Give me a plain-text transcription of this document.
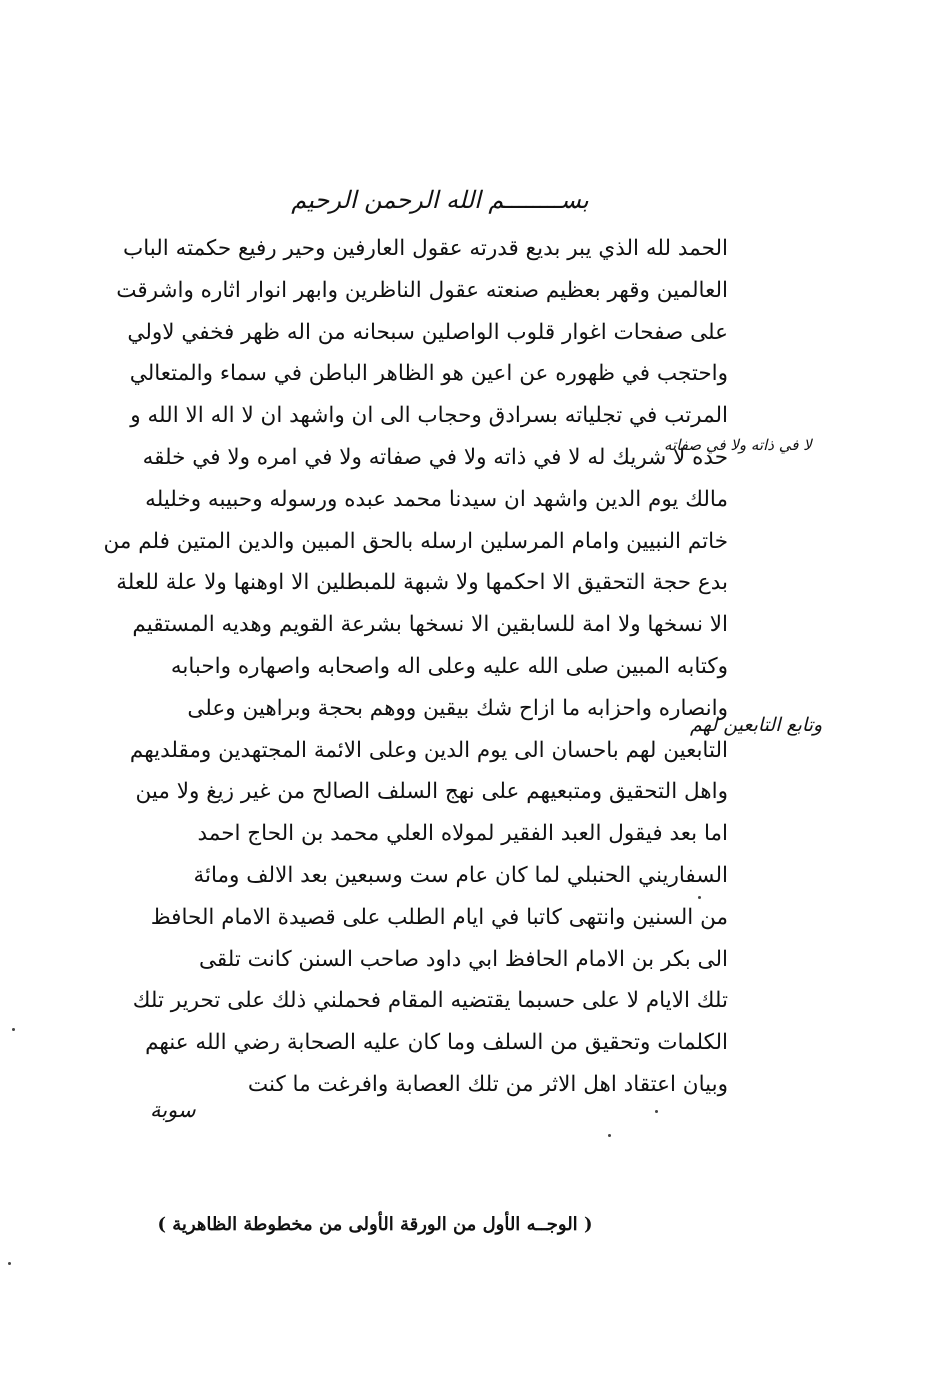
بســــــــم الله الرحمن الرحيم
الحمد لله الذي يبر بديع قدرته عقول العارفين وحير رفيع حكمته الباب
العالمين وقهر بعظيم صنعته عقول الناظرين وابهر انوار اثاره واشرقت
على صفحات اغوار قلوب الواصلين سبحانه من اله ظهر فخفي لاولي
واحتجب في ظهوره عن اعين هو الظاهر الباطن في سماء والمتعالي
المرتب في تجلياته بسرادق وحجاب الى ان واشهد ان لا اله الا الله و
حده لا شريك له لا في ذاته ولا في صفاته ولا في امره ولا في خلقه
مالك يوم الدين واشهد ان سيدنا محمد عبده ورسوله وحبيبه وخليله
خاتم النبيين وامام المرسلين ارسله بالحق المبين والدين المتين فلم من
بدع حجة التحقيق الا احكمها ولا شبهة للمبطلين الا اوهنها ولا علة للعلة
الا نسخها ولا امة للسابقين الا نسخها بشرعة القويم وهديه المستقيم
وكتابه المبين صلى الله عليه وعلى اله واصحابه واصهاره واحبابه
وانصاره واحزابه ما ازاح شك بيقين ووهم بحجة وبراهين وعلى
التابعين لهم باحسان الى يوم الدين وعلى الائمة المجتهدين ومقلديهم
واهل التحقيق ومتبعيهم على نهج السلف الصالح من غير زيغ ولا مين
اما بعد فيقول العبد الفقير لمولاه العلي محمد بن الحاج احمد
السفاريني الحنبلي لما كان عام ست وسبعين بعد الالف ومائة
من السنين وانتهى كاتبا في ايام الطلب على قصيدة الامام الحافظ
الى بكر بن الامام الحافظ ابي داود صاحب السنن كانت تلقى
تلك الايام لا على حسبما يقتضيه المقام فحملني ذلك على تحرير تلك
الكلمات وتحقيق من السلف وما كان عليه الصحابة رضي الله عنهم
وبيان اعتقاد اهل الاثر من تلك العصابة وافرغت ما كنت
سوبة
لا في ذاته ولا في صفاته
وتابع التابعين لهم
( الوجــه الأول من الورقة الأولى من مخطوطة الظاهرية )
